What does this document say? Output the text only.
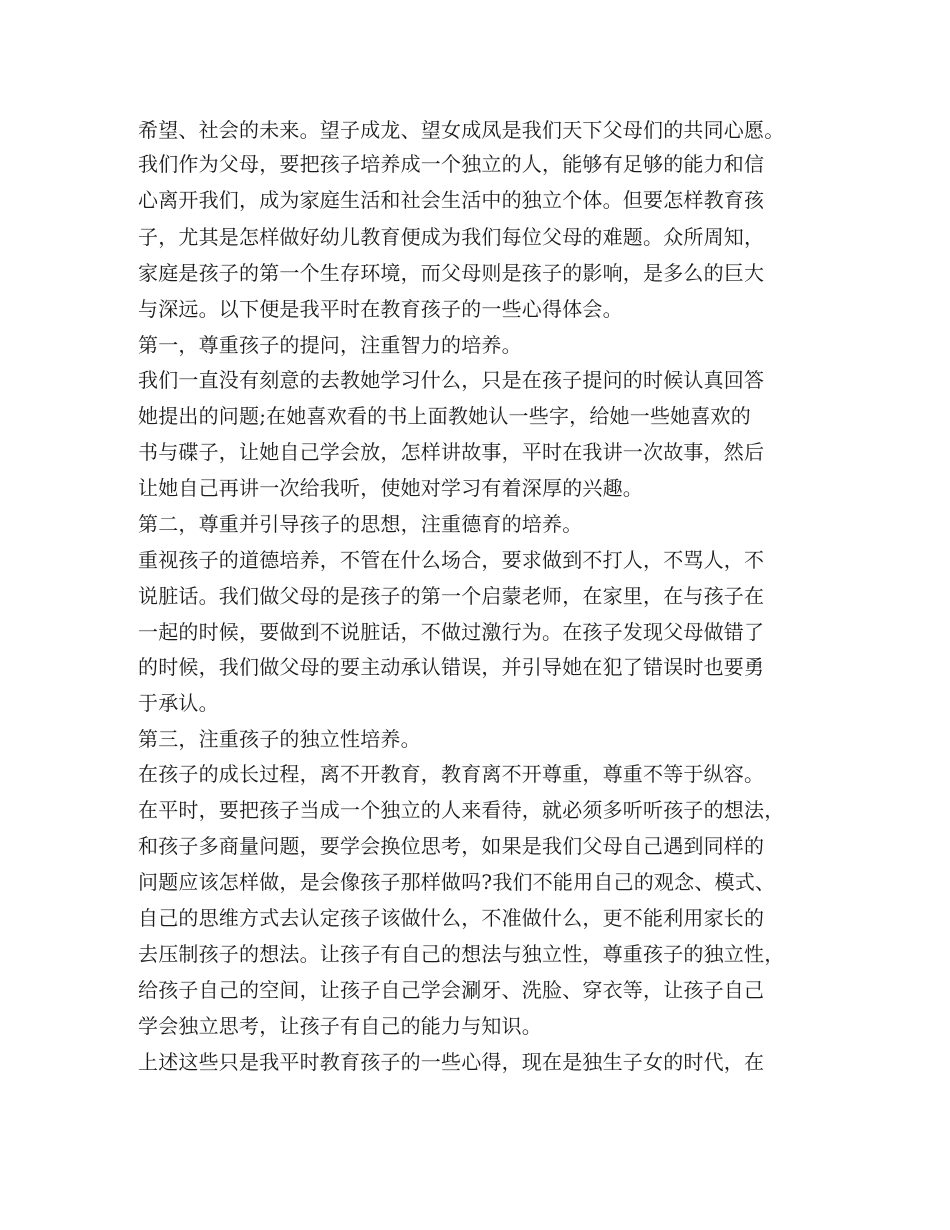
希望、社会的未来。望子成龙、望女成凤是我们天下父母们的共同心愿。
我们作为父母，要把孩子培养成一个独立的人，能够有足够的能力和信
心离开我们，成为家庭生活和社会生活中的独立个体。但要怎样教育孩
子，尤其是怎样做好幼儿教育便成为我们每位父母的难题。众所周知，
家庭是孩子的第一个生存环境，而父母则是孩子的影响，是多么的巨大
与深远。以下便是我平时在教育孩子的一些心得体会。
第一，尊重孩子的提问，注重智力的培养。
我们一直没有刻意的去教她学习什么，只是在孩子提问的时候认真回答
她提出的问题;在她喜欢看的书上面教她认一些字，给她一些她喜欢的
书与碟子，让她自己学会放，怎样讲故事，平时在我讲一次故事，然后
让她自己再讲一次给我听，使她对学习有着深厚的兴趣。
第二，尊重并引导孩子的思想，注重德育的培养。
重视孩子的道德培养，不管在什么场合，要求做到不打人，不骂人，不
说脏话。我们做父母的是孩子的第一个启蒙老师，在家里，在与孩子在
一起的时候，要做到不说脏话，不做过激行为。在孩子发现父母做错了
的时候，我们做父母的要主动承认错误，并引导她在犯了错误时也要勇
于承认。
第三，注重孩子的独立性培养。
在孩子的成长过程，离不开教育，教育离不开尊重，尊重不等于纵容。
在平时，要把孩子当成一个独立的人来看待，就必须多听听孩子的想法，
和孩子多商量问题，要学会换位思考，如果是我们父母自己遇到同样的
问题应该怎样做，是会像孩子那样做吗?我们不能用自己的观念、模式、
自己的思维方式去认定孩子该做什么，不准做什么，更不能利用家长的
去压制孩子的想法。让孩子有自己的想法与独立性，尊重孩子的独立性，
给孩子自己的空间，让孩子自己学会涮牙、洗脸、穿衣等，让孩子自己
学会独立思考，让孩子有自己的能力与知识。
上述这些只是我平时教育孩子的一些心得，现在是独生子女的时代，在
